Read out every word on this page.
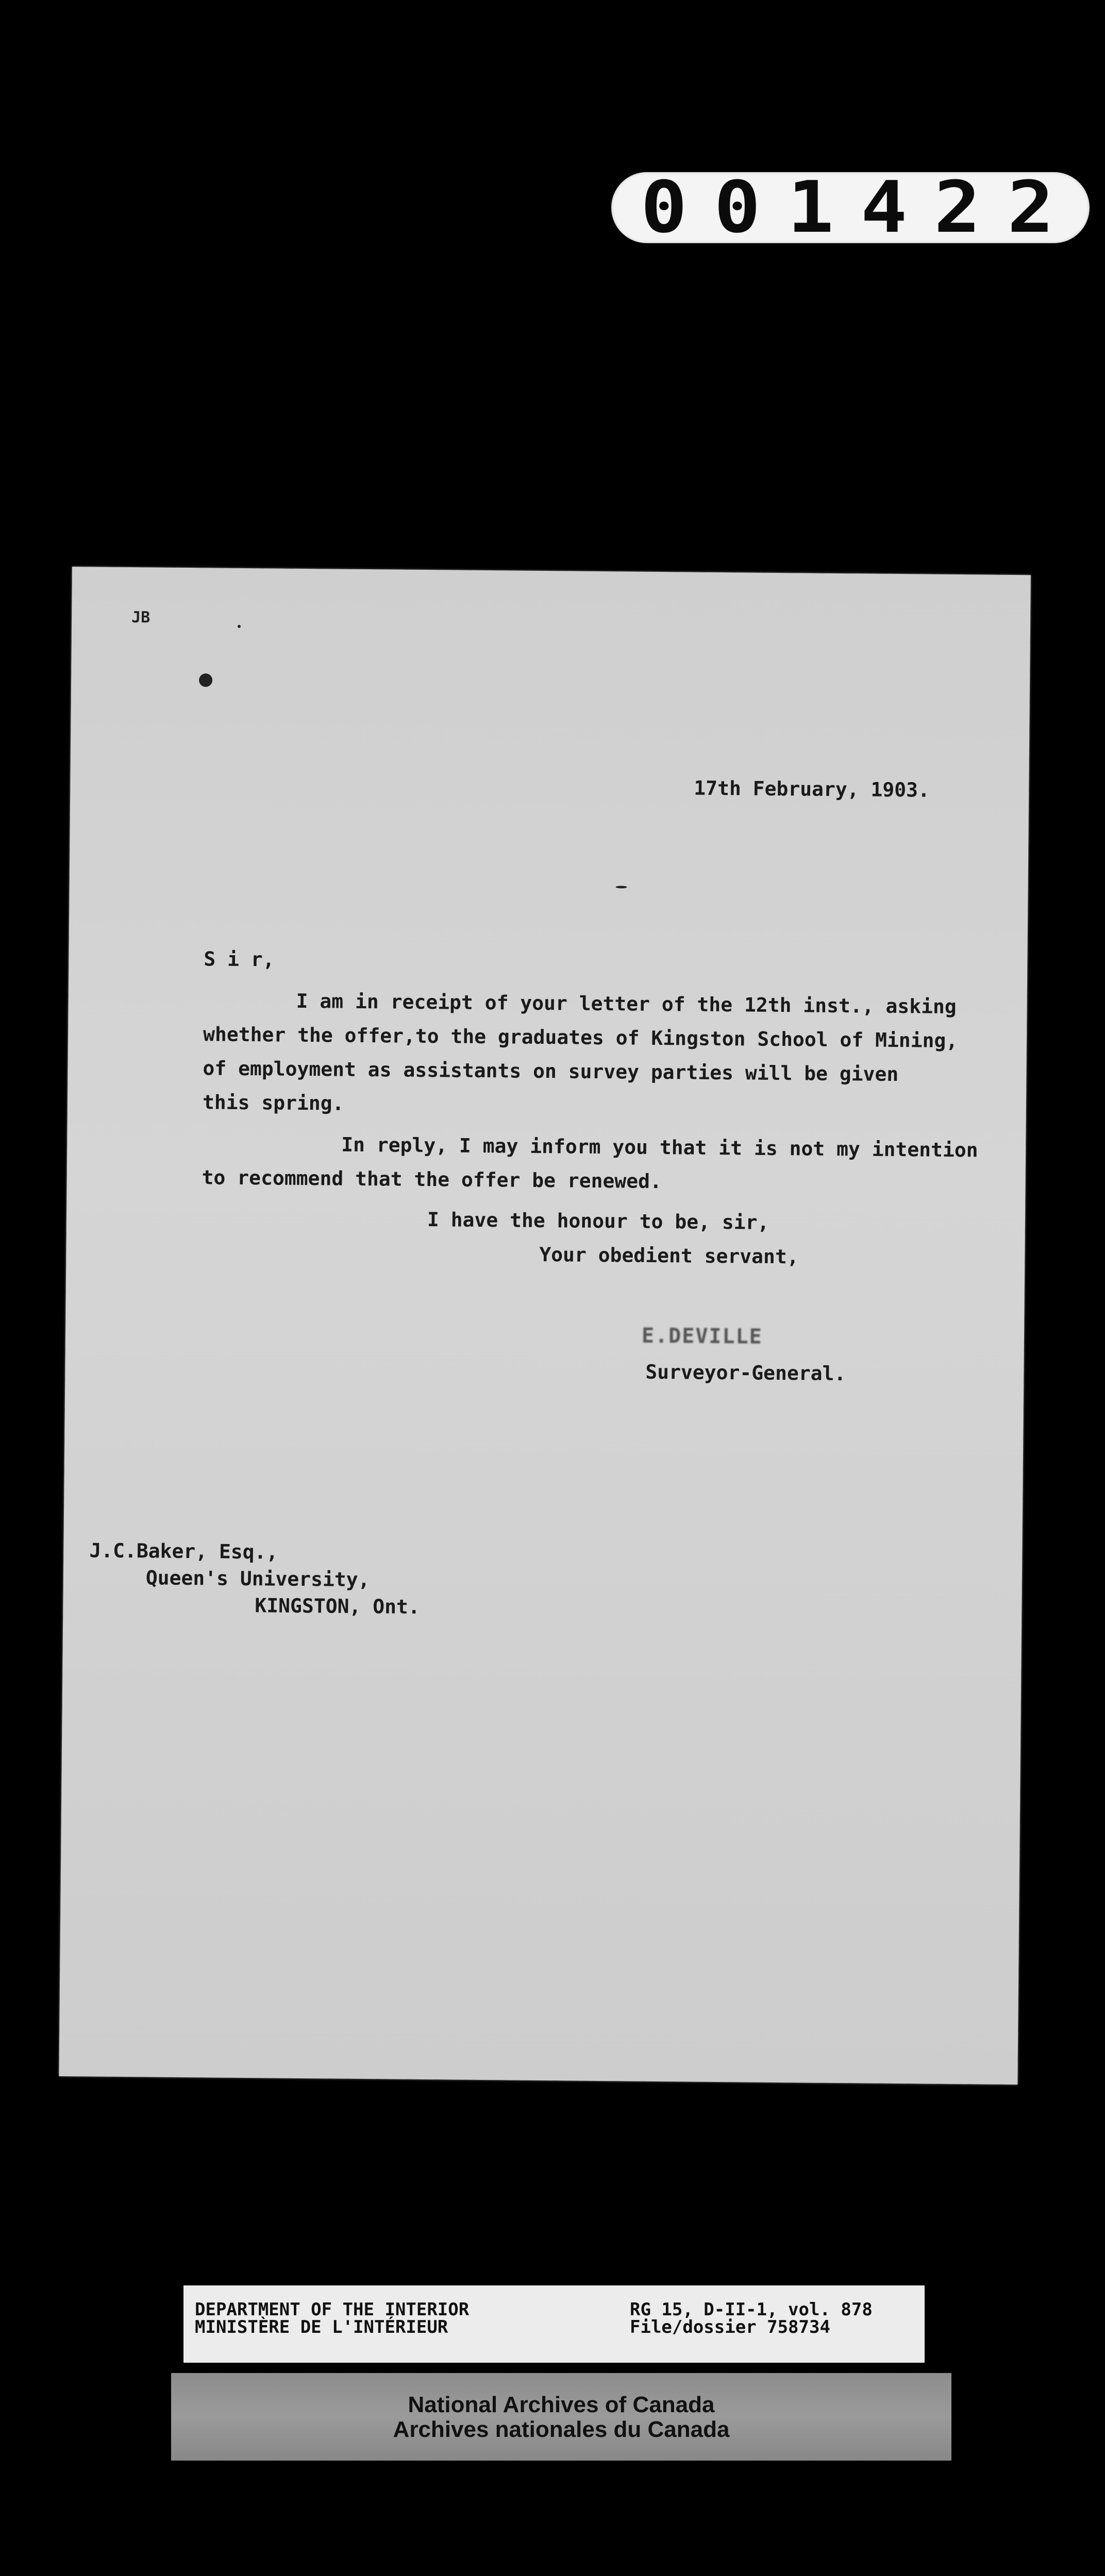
001422
JB
17th February, 1903.
S i r,
I am in receipt of your letter of the 12th inst., asking
whether the offer,to the graduates of Kingston School of Mining,
of employment as assistants on survey parties will be given
this spring.
In reply, I may inform you that it is not my intention
to recommend that the offer be renewed.
I have the honour to be, sir,
Your obedient servant,
E.DEVILLE
Surveyor-General.
J.C.Baker, Esq.,
Queen's University,
KINGSTON, Ont.
DEPARTMENT OF THE INTERIOR
MINISTÈRE DE L'INTÉRIEUR
RG 15, D-II-1, vol. 878
File/dossier 758734
National Archives of Canada
Archives nationales du Canada
